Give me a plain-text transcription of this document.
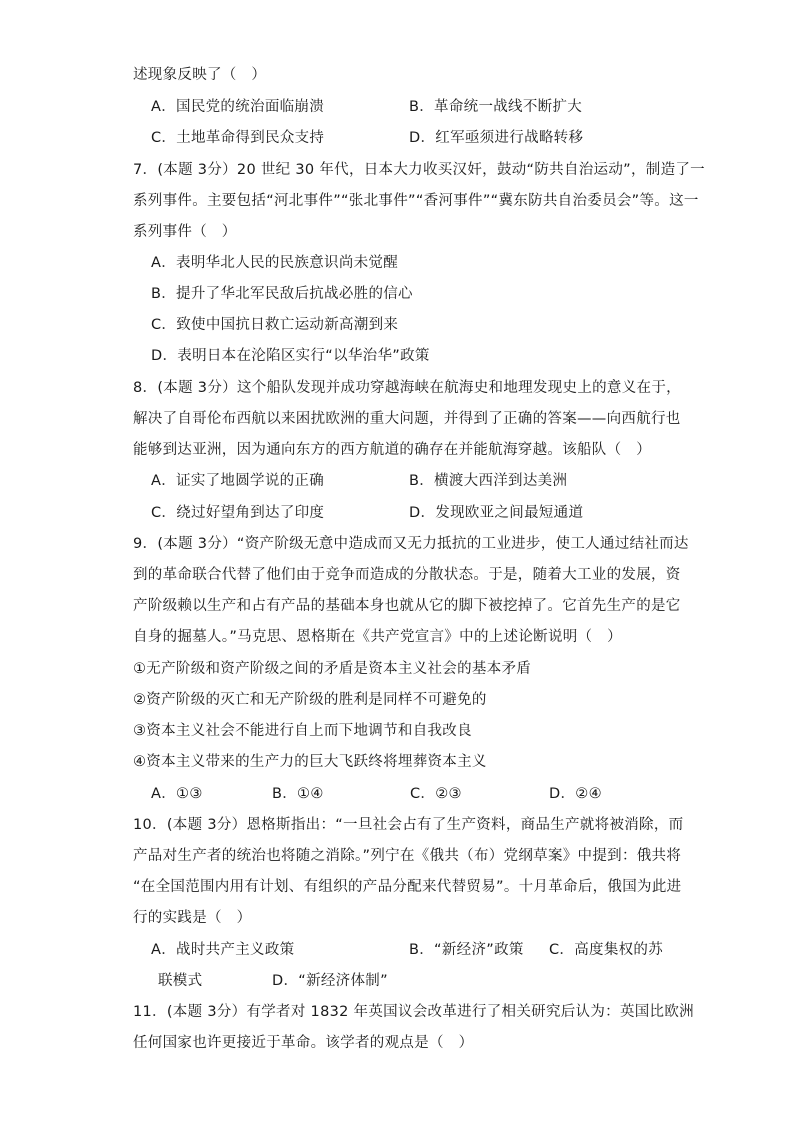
述现象反映了（　）
A．国民党的统治面临崩溃	B．革命统一战线不断扩大
C．土地革命得到民众支持	D．红军亟须进行战略转移
7．(本题 3分）20 世纪 30 年代，日本大力收买汉奸，鼓动“防共自治运动”，制造了一
系列事件。主要包括“河北事件”“张北事件”“香河事件”“冀东防共自治委员会”等。这一
系列事件（　）
A．表明华北人民的民族意识尚未觉醒
B．提升了华北军民敌后抗战必胜的信心
C．致使中国抗日救亡运动新高潮到来
D．表明日本在沦陷区实行“以华治华”政策
8．(本题 3分）这个船队发现并成功穿越海峡在航海史和地理发现史上的意义在于，
解决了自哥伦布西航以来困扰欧洲的重大问题，并得到了正确的答案——向西航行也
能够到达亚洲，因为通向东方的西方航道的确存在并能航海穿越。该船队（　）
A．证实了地圆学说的正确	B．横渡大西洋到达美洲
C．绕过好望角到达了印度	D．发现欧亚之间最短通道
9．(本题 3分）“资产阶级无意中造成而又无力抵抗的工业进步，使工人通过结社而达
到的革命联合代替了他们由于竞争而造成的分散状态。于是，随着大工业的发展，资
产阶级赖以生产和占有产品的基础本身也就从它的脚下被挖掉了。它首先生产的是它
自身的掘墓人。”马克思、恩格斯在《共产党宣言》中的上述论断说明（　）
①无产阶级和资产阶级之间的矛盾是资本主义社会的基本矛盾
②资产阶级的灭亡和无产阶级的胜利是同样不可避免的
③资本主义社会不能进行自上而下地调节和自我改良
④资本主义带来的生产力的巨大飞跃终将埋葬资本主义
A．①③	B．①④	C．②③	D．②④
10．(本题 3分）恩格斯指出：“一旦社会占有了生产资料，商品生产就将被消除，而
产品对生产者的统治也将随之消除。”列宁在《俄共（布）党纲草案》中提到：俄共将
“在全国范围内用有计划、有组织的产品分配来代替贸易”。十月革命后，俄国为此进
行的实践是（　）
A．战时共产主义政策	B．“新经济”政策 C．高度集权的苏
联模式	D．“新经济体制”
11．(本题 3分）有学者对 1832 年英国议会改革进行了相关研究后认为：英国比欧洲
任何国家也许更接近于革命。该学者的观点是（　）
